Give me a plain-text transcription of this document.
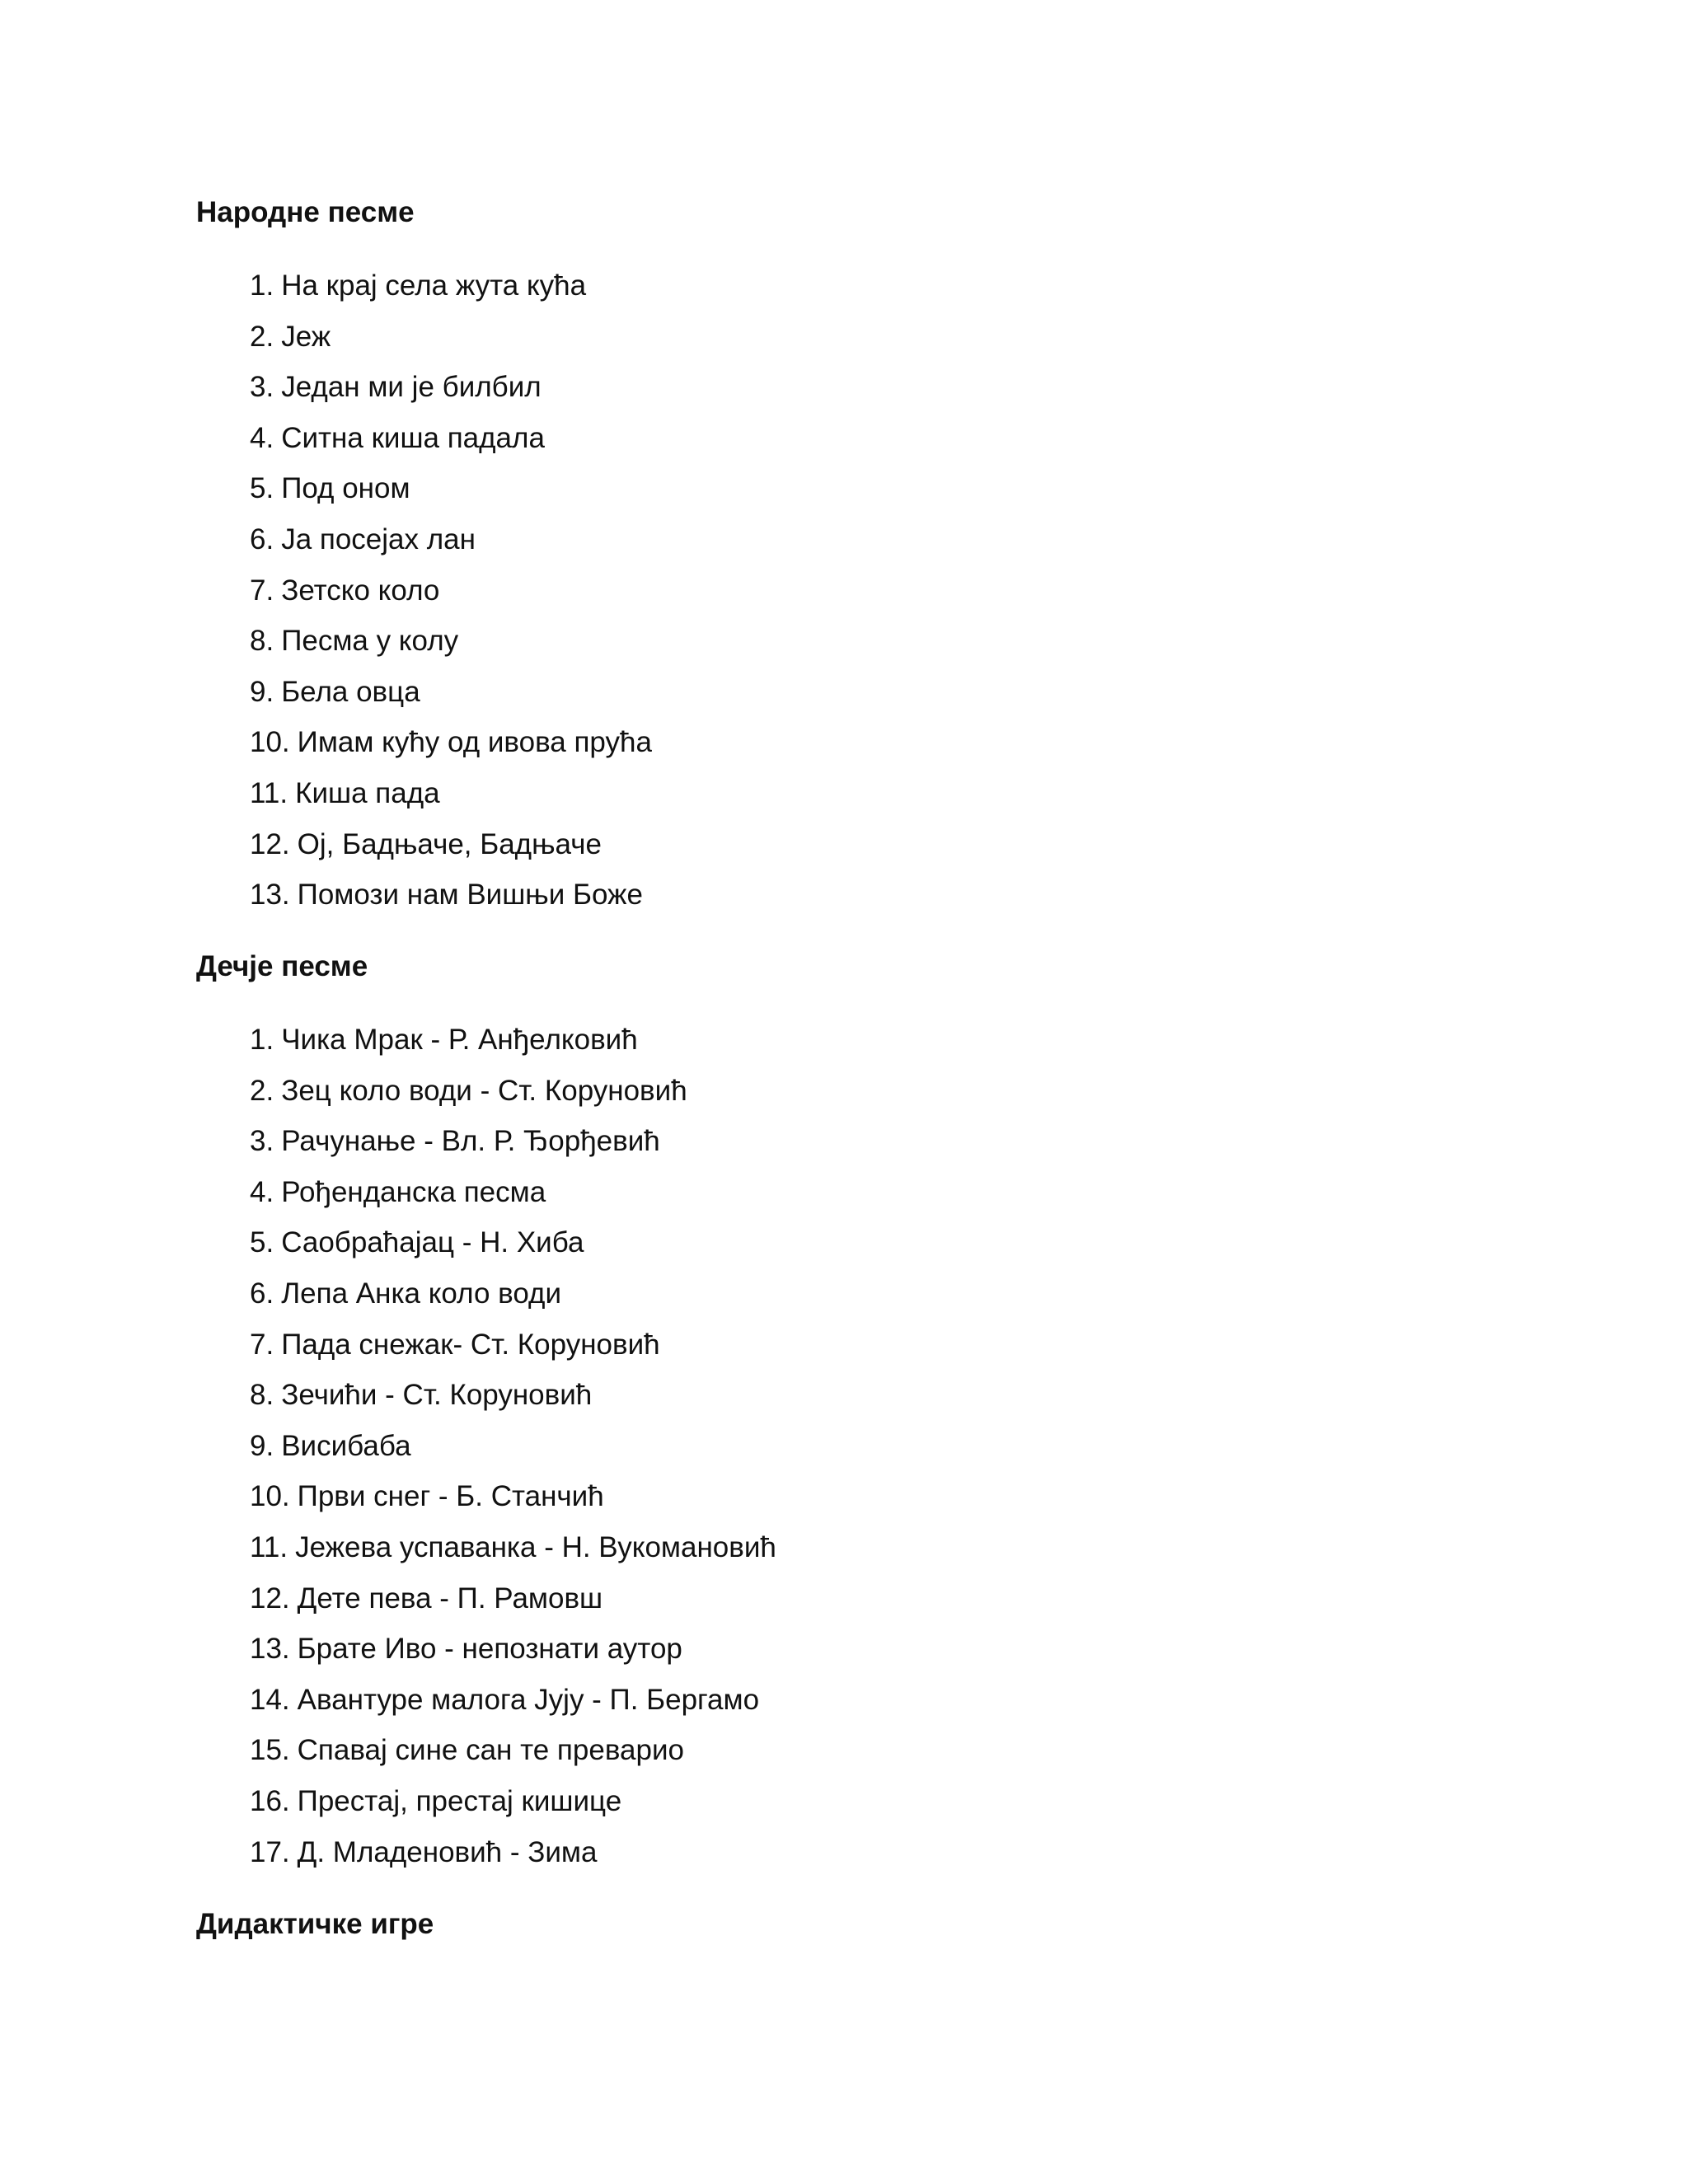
Народне песме
1. На крај села жута кућа
2. Јеж
3. Један ми је билбил
4. Ситна киша падала
5. Под оном
6. Ја посејах лан
7. Зетско коло
8. Песма у колу
9. Бела овца
10. Имам кућу од ивова прућа
11. Киша пада
12. Ој, Бадњаче, Бадњаче
13. Помози нам Вишњи Боже
Дечје песме
1. Чика Мрак - Р. Анђелковић
2. Зец коло води - Ст. Коруновић
3. Рачунање - Вл. Р. Ђорђевић
4. Рођенданска песма
5. Саобраћајац - Н. Хиба
6. Лепа Анка коло води
7. Пада снежак- Ст. Коруновић
8. Зечићи - Ст. Коруновић
9. Висибаба
10. Први снег - Б. Станчић
11. Јежева успаванка - Н. Вукомановић
12. Дете пева - П. Рамовш
13. Брате Иво - непознати аутор
14. Авантуре малога Јују - П. Бергамо
15. Спавај сине сан те преварио
16. Престај, престај кишице
17. Д. Младеновић - Зима
Дидактичке игре
